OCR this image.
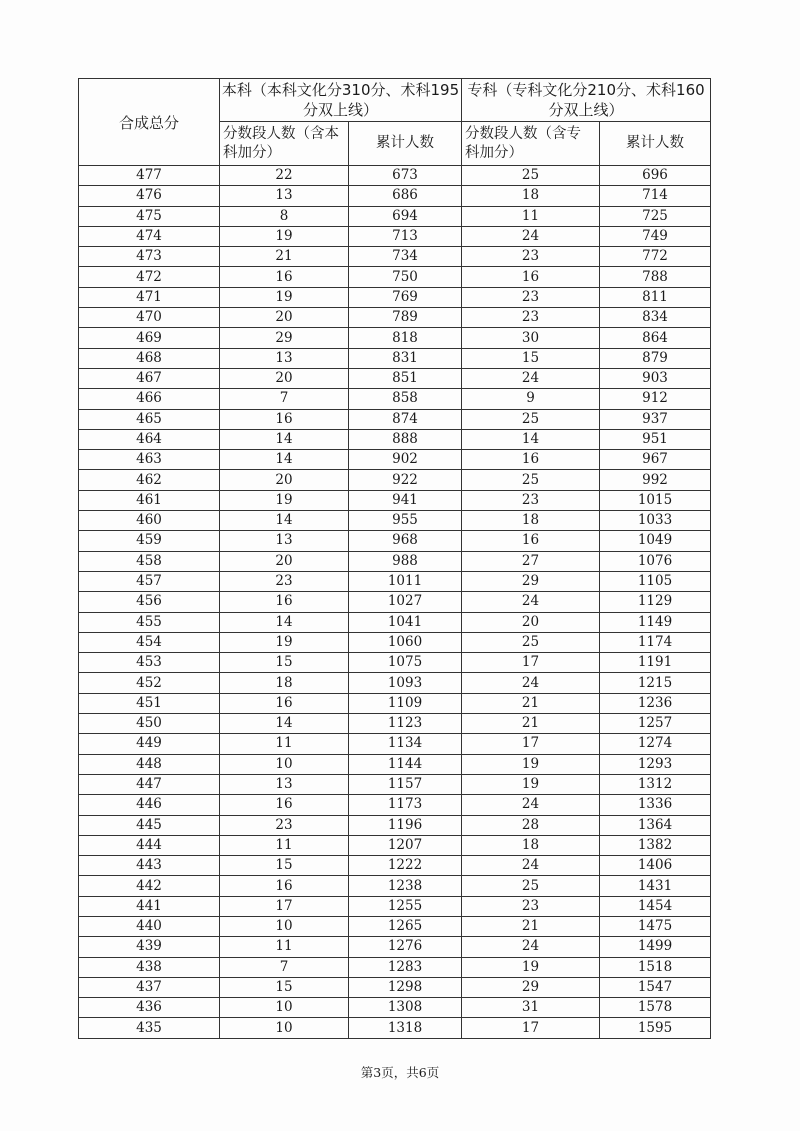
合成总分	本科（本科文化分310分、术科195
分双上线）		专科（专科文化分210分、术科160
分双上线）	

	分数段人数（含本
科加分）	累计人数	分数段人数（含专
科加分）	累计人数
477	22	673	25	696
476	13	686	18	714
475	8	694	11	725
474	19	713	24	749
473	21	734	23	772
472	16	750	16	788
471	19	769	23	811
470	20	789	23	834
469	29	818	30	864
468	13	831	15	879
467	20	851	24	903
466	7	858	9	912
465	16	874	25	937
464	14	888	14	951
463	14	902	16	967
462	20	922	25	992
461	19	941	23	1015
460	14	955	18	1033
459	13	968	16	1049
458	20	988	27	1076
457	23	1011	29	1105
456	16	1027	24	1129
455	14	1041	20	1149
454	19	1060	25	1174
453	15	1075	17	1191
452	18	1093	24	1215
451	16	1109	21	1236
450	14	1123	21	1257
449	11	1134	17	1274
448	10	1144	19	1293
447	13	1157	19	1312
446	16	1173	24	1336
445	23	1196	28	1364
444	11	1207	18	1382
443	15	1222	24	1406
442	16	1238	25	1431
441	17	1255	23	1454
440	10	1265	21	1475
439	11	1276	24	1499
438	7	1283	19	1518
437	15	1298	29	1547
436	10	1308	31	1578
435	10	1318	17	1595
第3页，共6页
